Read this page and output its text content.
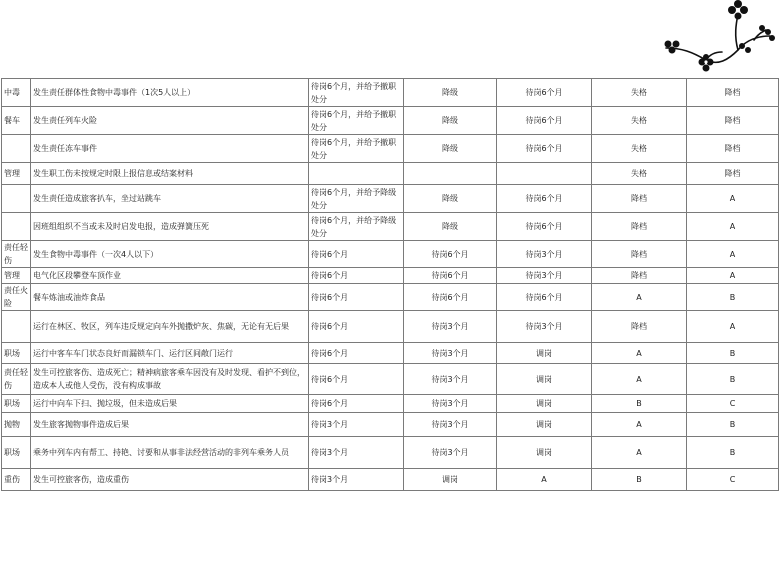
中毒	发生责任群体性食物中毒事件（1次5人以上）	待岗6个月，并给予撤职处分	降级	待岗6个月	失格	降档
餐车	发生责任列车火险	待岗6个月，并给予撤职处分	降级	待岗6个月	失格	降档
	发生责任冻车事件	待岗6个月，并给予撤职处分	降级	待岗6个月	失格	降档
管理	发生职工伤未按规定时限上报信息或结案材料				失格	降档
	发生责任造成旅客扒车，坐过站跳车	待岗6个月，并给予降级处分	降级	待岗6个月	降档	A
	因班组组织不当或未及时启发电报，造成弹簧压死	待岗6个月，并给予降级处分	降级	待岗6个月	降档	A
责任轻伤	发生食物中毒事件（一次4人以下）	待岗6个月	待岗6个月	待岗3个月	降档	A
管理	电气化区段攀登车顶作业	待岗6个月	待岗6个月	待岗3个月	降档	A
责任火险	餐车炼油或油炸食品	待岗6个月	待岗6个月	待岗6个月	A	B
	运行在林区、牧区，列车违反规定向车外抛撒炉灰、焦碳，无论有无后果	待岗6个月	待岗3个月	待岗3个月	降档	A
职场	运行中客车车门状态良好而漏锁车门、运行区间敞门运行	待岗6个月	待岗3个月	调岗	A	B
责任轻伤	发生可控旅客伤、造成死亡；精神病旅客乘车因没有及时发现、看护不到位，造成本人或他人受伤，没有构成事故	待岗6个月	待岗3个月	调岗	A	B
职场	运行中向车下扫、抛垃圾，但未造成后果	待岗6个月	待岗3个月	调岗	B	C
抛物	发生旅客抛物事件造成后果	待岗3个月	待岗3个月	调岗	A	B
职场	乘务中列车内有帮工、持艳、讨要和从事非法经营活动的非列车乘务人员	待岗3个月	待岗3个月	调岗	A	B
重伤	发生可控旅客伤，造成重伤	待岗3个月	调岗	A	B	C
